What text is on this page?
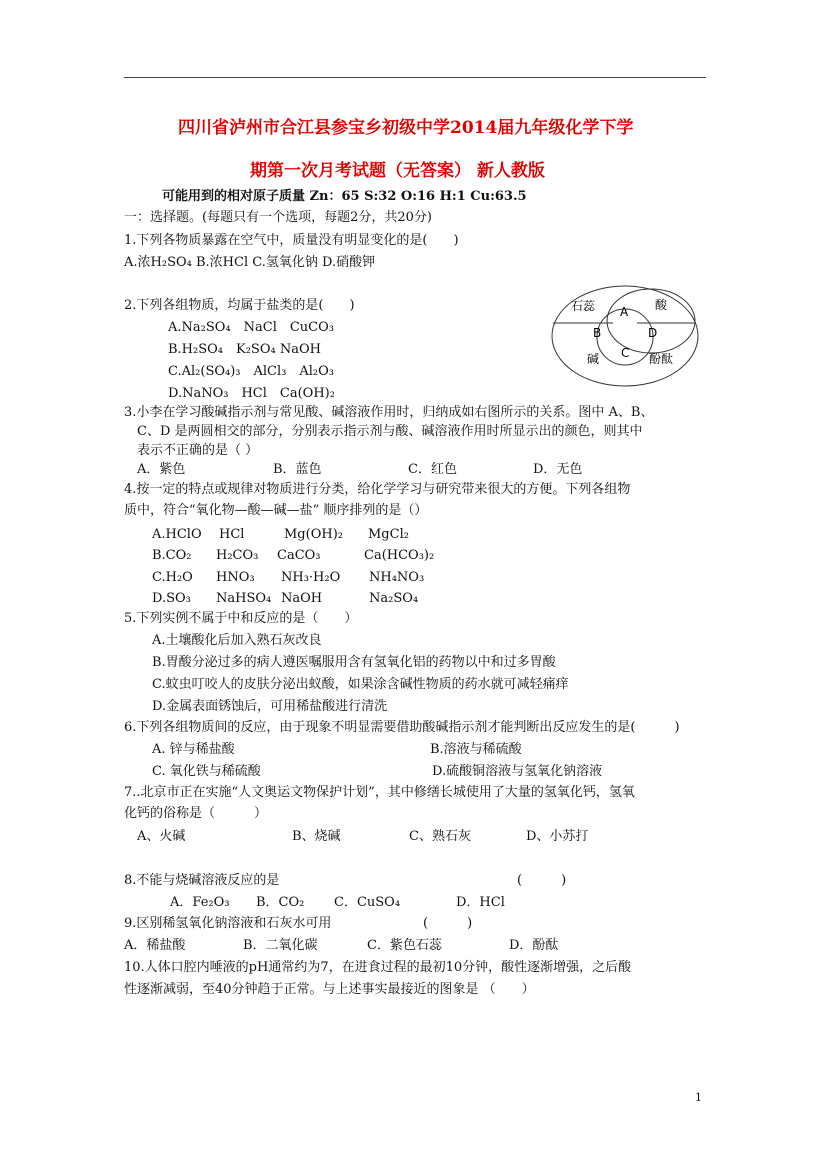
四川省泸州市合江县参宝乡初级中学2014届九年级化学下学
期第一次月考试题（无答案） 新人教版
可能用到的相对原子质量 Zn：65 S:32 O:16 H:1 Cu:63.5
一：选择题。(每题只有一个选项，每题2分，共20分)
1.下列各物质暴露在空气中，质量没有明显变化的是(　　)
A.浓H₂SO₄ B.浓HCl C.氢氧化钠 D.硝酸钾
2.下列各组物质，均属于盐类的是(　　)
A.Na₂SO₄　NaCl　CuCO₃
B.H₂SO₄　K₂SO₄ NaOH
C.Al₂(SO₄)₃　AlCl₃　Al₂O₃
D.NaNO₃　HCl　Ca(OH)₂
石蕊	酸
A
B	D
C
碱	酚酞
3.小李在学习酸碱指示剂与常见酸、碱溶液作用时，归纳成如右图所示的关系。图中 A、B、
C、D 是两圆相交的部分，分别表示指示剂与酸、碱溶液作用时所显示出的颜色，则其中
表示不正确的是（ ）
A．紫色	B．蓝色	C．红色	D．无色
4.按一定的特点或规律对物质进行分类，给化学学习与研究带来很大的方便。下列各组物
质中，符合“氧化物—酸—碱—盐” 顺序排列的是（）
A.HClO HCl	Mg(OH)₂ MgCl₂
B.CO₂ H₂CO₃ CaCO₃	Ca(HCO₃)₂
C.H₂O HNO₃ NH₃·H₂O NH₄NO₃
D.SO₃ NaHSO₄ NaOH	Na₂SO₄
5.下列实例不属于中和反应的是（　　）
A.土壤酸化后加入熟石灰改良
B.胃酸分泌过多的病人遵医嘱服用含有氢氧化铝的药物以中和过多胃酸
C.蚊虫叮咬人的皮肤分泌出蚁酸，如果涂含碱性物质的药水就可减轻痛痒
D.金属表面锈蚀后，可用稀盐酸进行清洗
6.下列各组物质间的反应，由于现象不明显需要借助酸碱指示剂才能判断出反应发生的是(　　　)
A. 锌与稀盐酸	B.溶液与稀硫酸
C. 氧化铁与稀硫酸	D.硫酸铜溶液与氢氧化钠溶液
7..北京市正在实施“人文奥运文物保护计划”，其中修缮长城使用了大量的氢氧化钙，氢氧
化钙的俗称是（　　　）
A、火碱	B、烧碱	C、熟石灰	D、小苏打
8.不能与烧碱溶液反应的是	(　　　)
A．Fe₂O₃ B．CO₂ C．CuSO₄	D．HCl
9.区别稀氢氧化钠溶液和石灰水可用	(　　　)
A．稀盐酸	B．二氧化碳	C．紫色石蕊	D．酚酞
10.人体口腔内唾液的pH通常约为7，在进食过程的最初10分钟，酸性逐渐增强，之后酸
性逐渐减弱，至40分钟趋于正常。与上述事实最接近的图象是 （　　）
1
